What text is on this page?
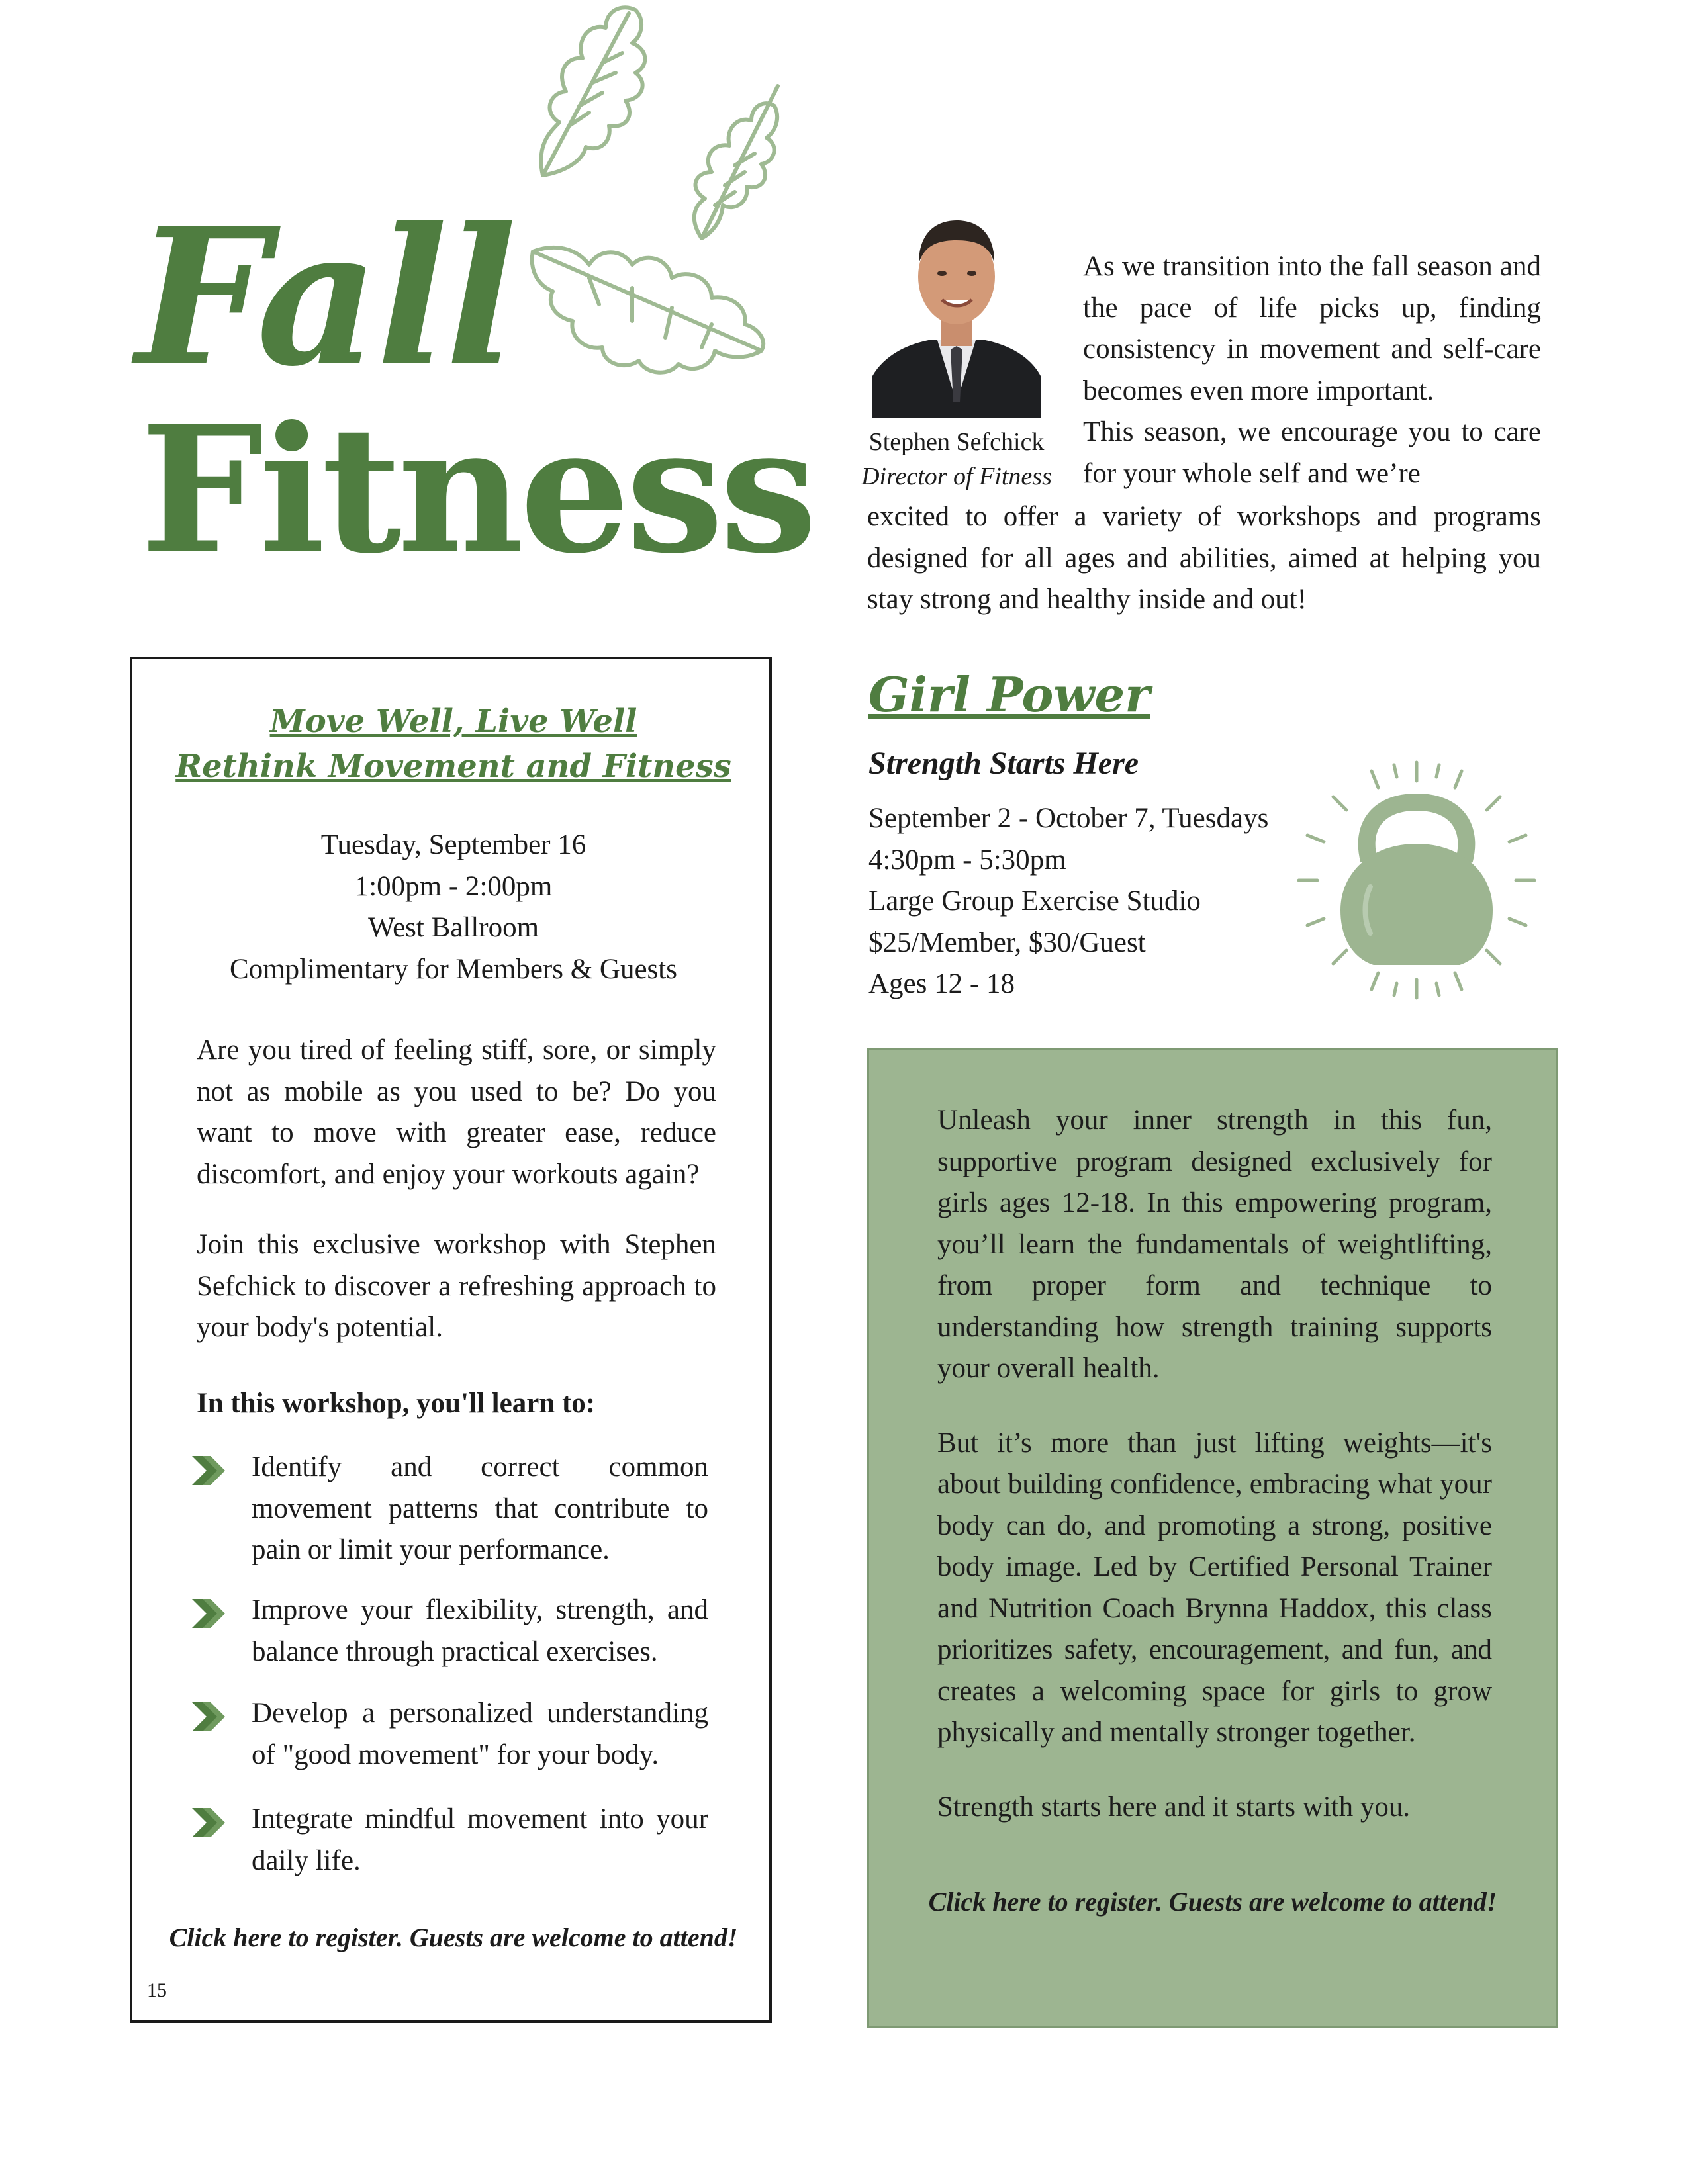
Fall
Fitness	Stephen Sefchick
Director of Fitness

As we transition into the fall season and the pace of life picks up, finding consistency in movement and self-care becomes even more important.

This season, we encourage you to care for your whole self and we’re

excited to offer a variety of workshops and programs designed for all ages and abilities, aimed at helping you stay strong and healthy inside and out!
Move Well, Live Well
Rethink Movement and Fitness
Tuesday, September 16
1:00pm - 2:00pm
West Ballroom
Complimentary for Members & Guests

Are you tired of feeling stiff, sore, or simply not as mobile as you used to be? Do you want to move with greater ease, reduce discomfort, and enjoy your workouts again?

Join this exclusive workshop with Stephen Sefchick to discover a refreshing approach to your body's potential.

In this workshop, you'll learn to:
Identify and correct common movement patterns that contribute to pain or limit your performance.
Improve your flexibility, strength, and balance through practical exercises.
Develop a personalized understanding of "good movement" for your body.
Integrate mindful movement into your daily life.
Click here to register. Guests are welcome to attend!
15
Girl Power
Strength Starts Here
September 2 - October 7, Tuesdays
4:30pm - 5:30pm
Large Group Exercise Studio
$25/Member, $30/Guest
Ages 12 - 18

Unleash your inner strength in this fun, supportive program designed exclusively for girls ages 12-18. In this empowering program, you’ll learn the fundamentals of weightlifting, from proper form and technique to understanding how strength training supports your overall health.

But it’s more than just lifting weights—it's about building confidence, embracing what your body can do, and promoting a strong, positive body image. Led by Certified Personal Trainer and Nutrition Coach Brynna Haddox, this class prioritizes safety, encouragement, and fun, and creates a welcoming space for girls to grow physically and mentally stronger together.

Strength starts here and it starts with you.

Click here to register. Guests are welcome to attend!
